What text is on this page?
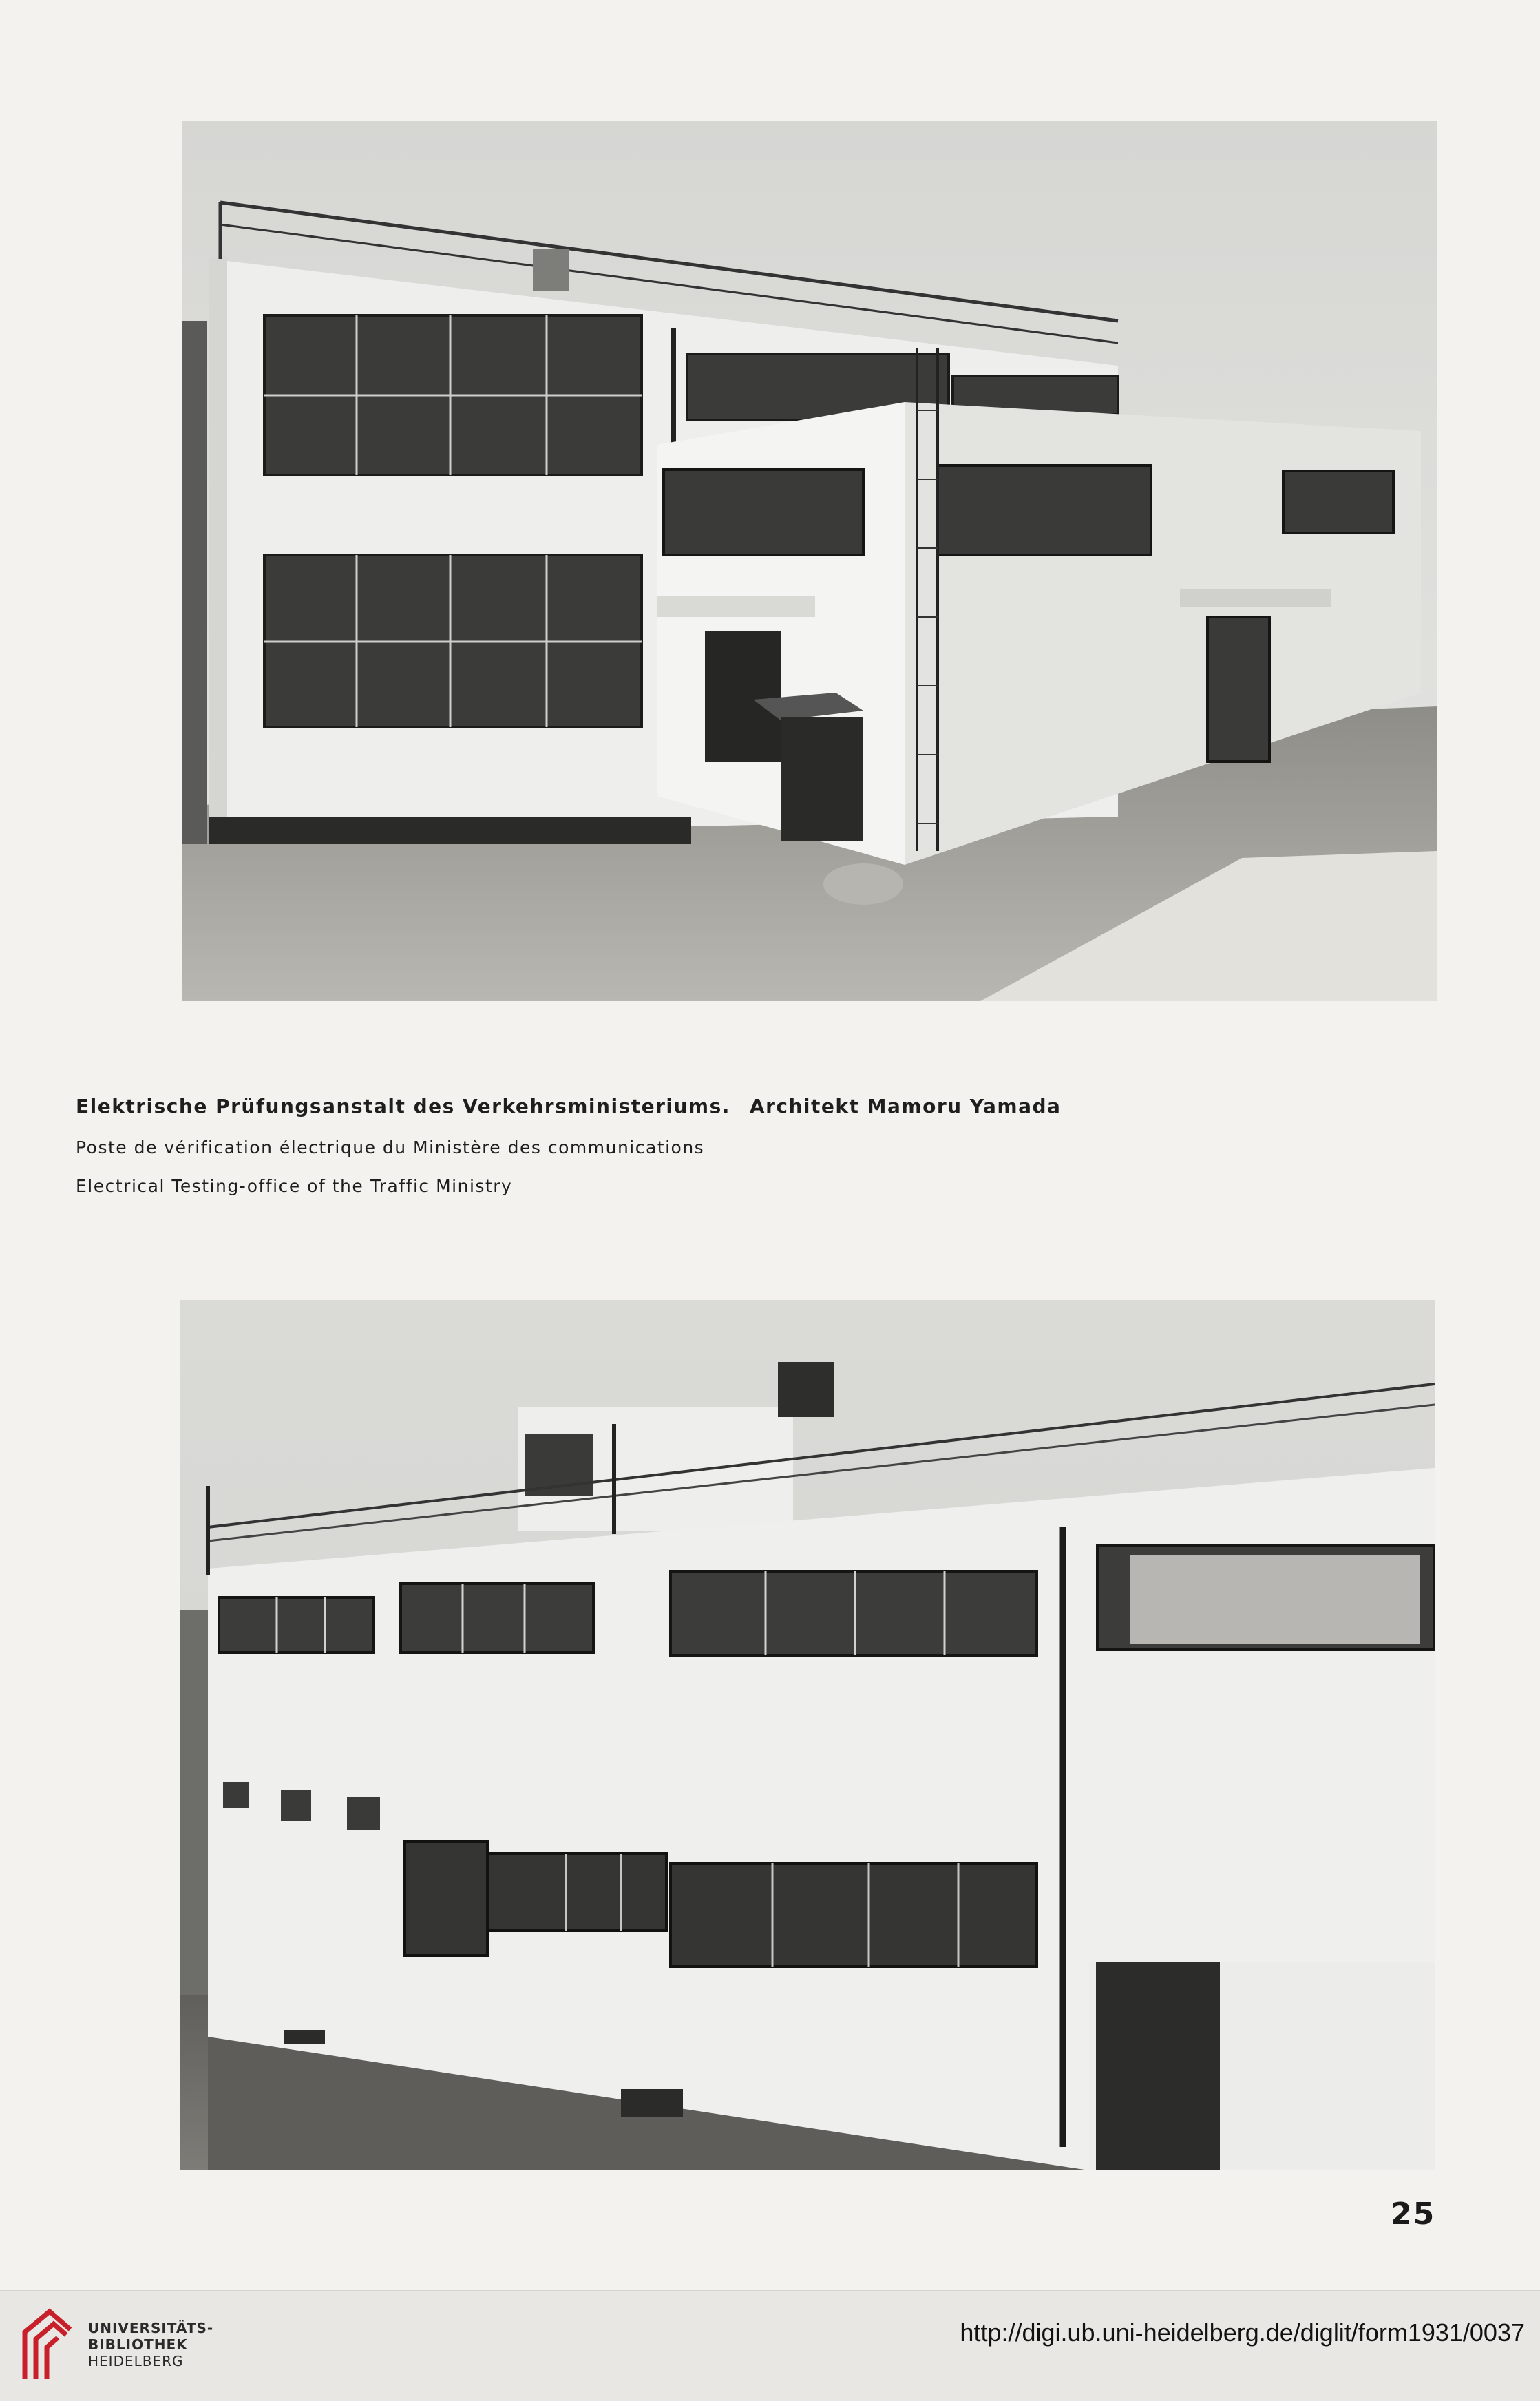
Elektrische Prüfungsanstalt des Verkehrsministeriums. Architekt Mamoru Yamada
Poste de vérification électrique du Ministère des communications
Electrical Testing-office of the Traffic Ministry
25
UNIVERSITÄTS-
BIBLIOTHEK
HEIDELBERG
http://digi.ub.uni-heidelberg.de/diglit/form1931/0037
